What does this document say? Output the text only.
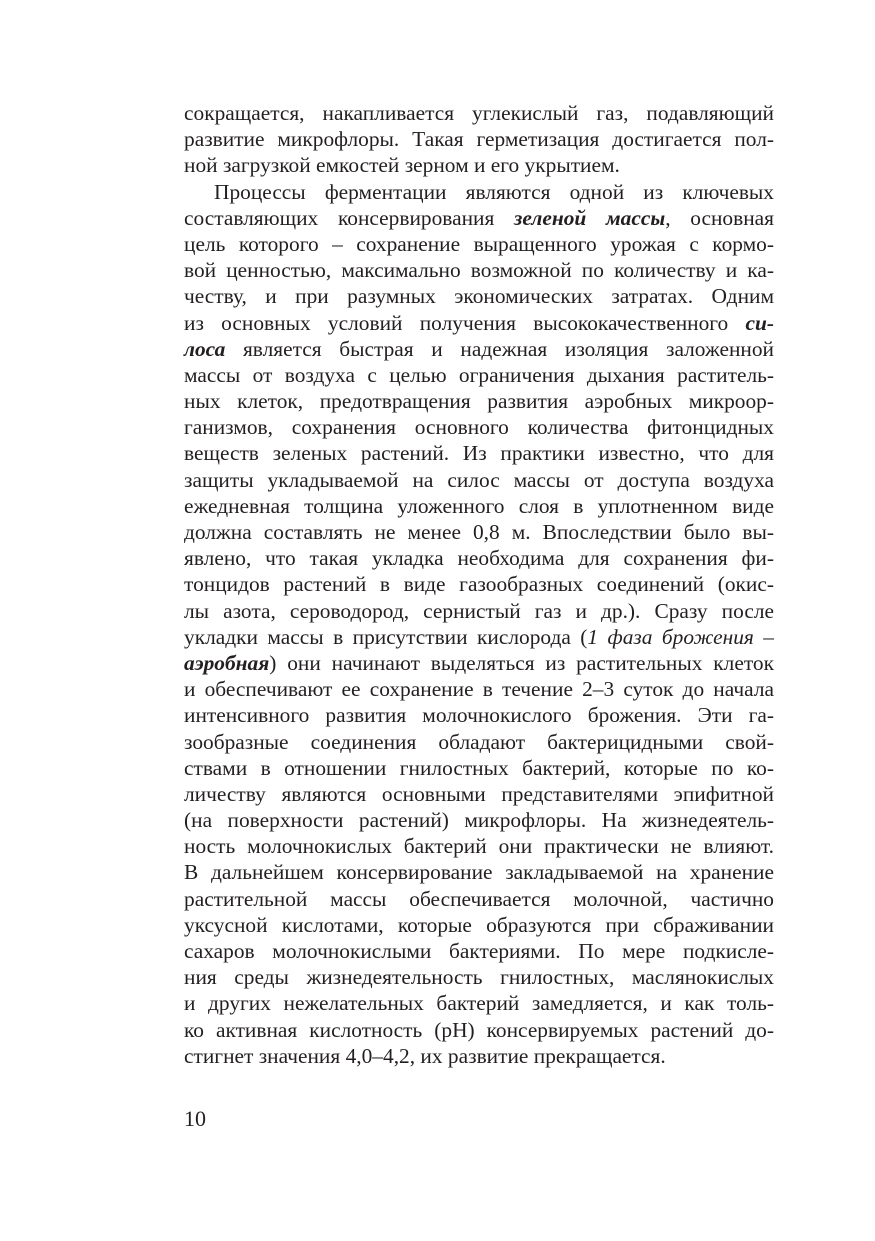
сокращается, накапливается углекислый газ, подавляющий
развитие микрофлоры. Такая герметизация достигается пол-
ной загрузкой емкостей зерном и его укрытием.
Процессы ферментации являются одной из ключевых
составляющих консервирования зеленой массы, основная
цель которого – сохранение выращенного урожая с кормо-
вой ценностью, максимально возможной по количеству и ка-
честву, и при разумных экономических затратах. Одним
из основных условий получения высококачественного си-
лоса является быстрая и надежная изоляция заложенной
массы от воздуха с целью ограничения дыхания раститель-
ных клеток, предотвращения развития аэробных микроор-
ганизмов, сохранения основного количества фитонцидных
веществ зеленых растений. Из практики известно, что для
защиты укладываемой на силос массы от доступа воздуха
ежедневная толщина уложенного слоя в уплотненном виде
должна составлять не менее 0,8 м. Впоследствии было вы-
явлено, что такая укладка необходима для сохранения фи-
тонцидов растений в виде газообразных соединений (окис-
лы азота, сероводород, сернистый газ и др.). Сразу после
укладки массы в присутствии кислорода (1 фаза брожения –
аэробная) они начинают выделяться из растительных клеток
и обеспечивают ее сохранение в течение 2–3 суток до начала
интенсивного развития молочнокислого брожения. Эти га-
зообразные соединения обладают бактерицидными свой-
ствами в отношении гнилостных бактерий, которые по ко-
личеству являются основными представителями эпифитной
(на поверхности растений) микрофлоры. На жизнедеятель-
ность молочнокислых бактерий они практически не влияют.
В дальнейшем консервирование закладываемой на хранение
растительной массы обеспечивается молочной, частично
уксусной кислотами, которые образуются при сбраживании
сахаров молочнокислыми бактериями. По мере подкисле-
ния среды жизнедеятельность гнилостных, маслянокислых
и других нежелательных бактерий замедляется, и как толь-
ко активная кислотность (рН) консервируемых растений до-
стигнет значения 4,0–4,2, их развитие прекращается.
10
